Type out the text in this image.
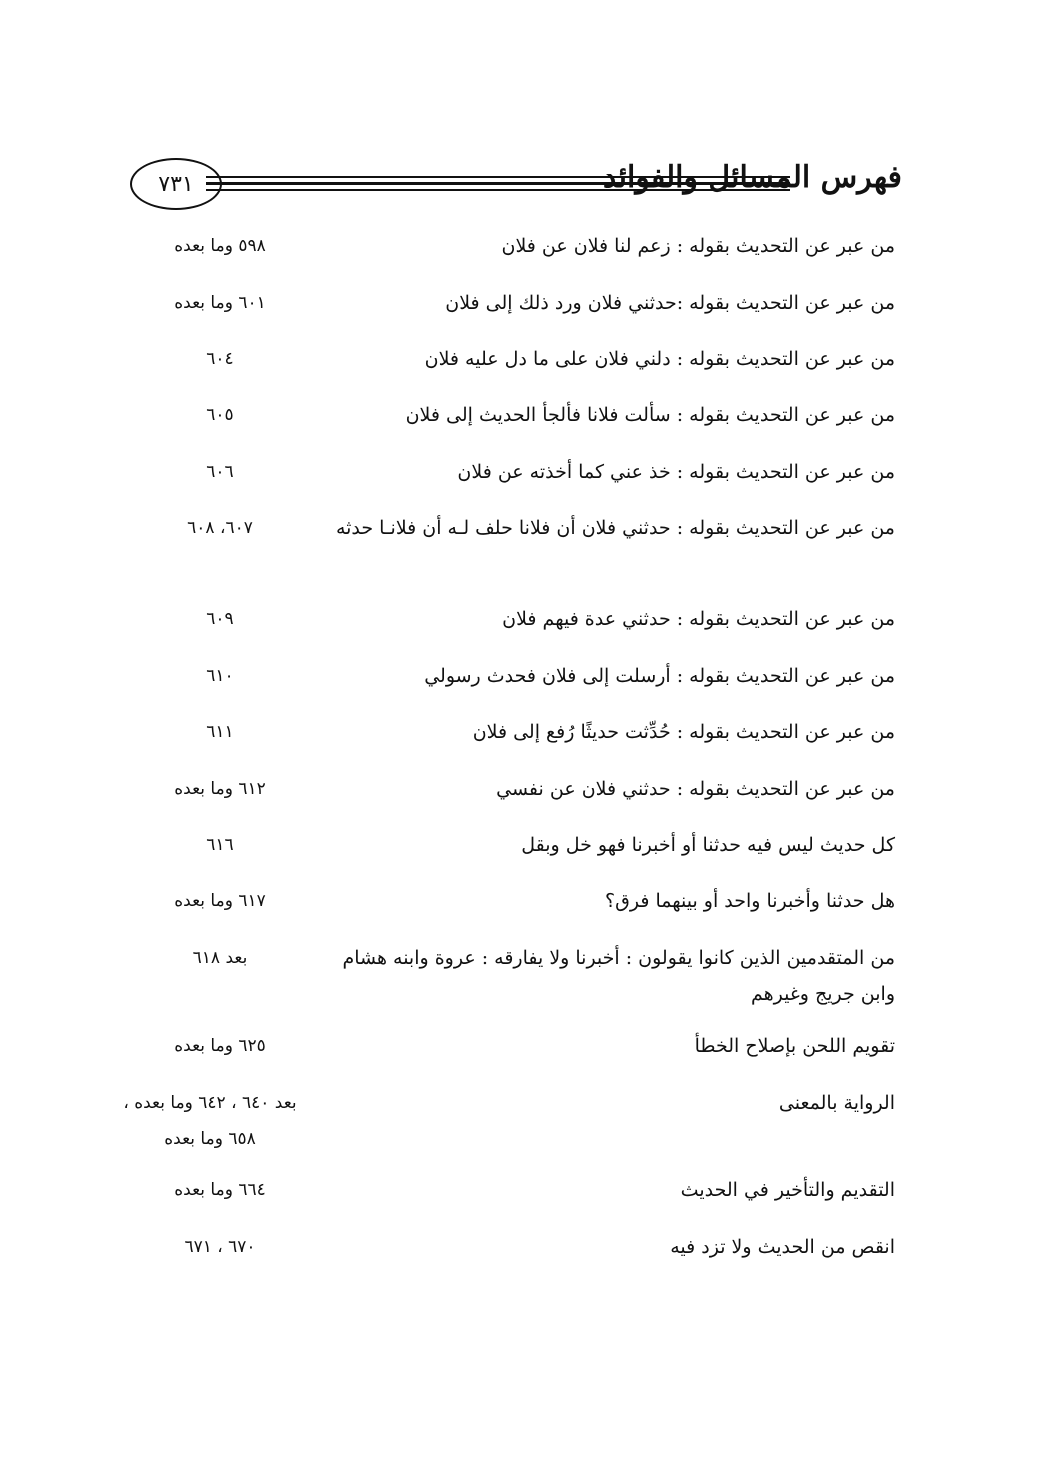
٧٣١	فهرس المسائل والفوائد
من عبر عن التحديث بقوله : زعم لنا فلان عن فلان
٥٩٨ وما بعده
من عبر عن التحديث بقوله :حدثني فلان ورد ذلك إلى فلان
٦٠١ وما بعده
من عبر عن التحديث بقوله : دلني فلان على ما دل عليه فلان
٦٠٤
من عبر عن التحديث بقوله : سألت فلانا فألجأ الحديث إلى فلان
٦٠٥
من عبر عن التحديث بقوله : خذ عني كما أخذته عن فلان
٦٠٦
من عبر عن التحديث بقوله : حدثني فلان أن فلانا حلف لـه أن فلانـا حدثه
٦٠٧، ٦٠٨
من عبر عن التحديث بقوله : حدثني عدة فيهم فلان
٦٠٩
من عبر عن التحديث بقوله : أرسلت إلى فلان فحدث رسولي
٦١٠
من عبر عن التحديث بقوله : حُدِّثت حديثًا رُفع إلى فلان
٦١١
من عبر عن التحديث بقوله : حدثني فلان عن نفسي
٦١٢ وما بعده
كل حديث ليس فيه حدثنا أو أخبرنا فهو خل وبقل
٦١٦
هل حدثنا وأخبرنا واحد أو بينهما فرق؟
٦١٧ وما بعده
من المتقدمين الذين كانوا يقولون : أخبرنا ولا يفارقه : عروة وابنه هشام وابن جريج وغيرهم
بعد ٦١٨
تقويم اللحن بإصلاح الخطأ
٦٢٥ وما بعده
الرواية بالمعنى
بعد ٦٤٠ ، ٦٤٢ وما بعده ، ٦٥٨ وما بعده
التقديم والتأخير في الحديث
٦٦٤ وما بعده
انقص من الحديث ولا تزد فيه
٦٧٠ ، ٦٧١
